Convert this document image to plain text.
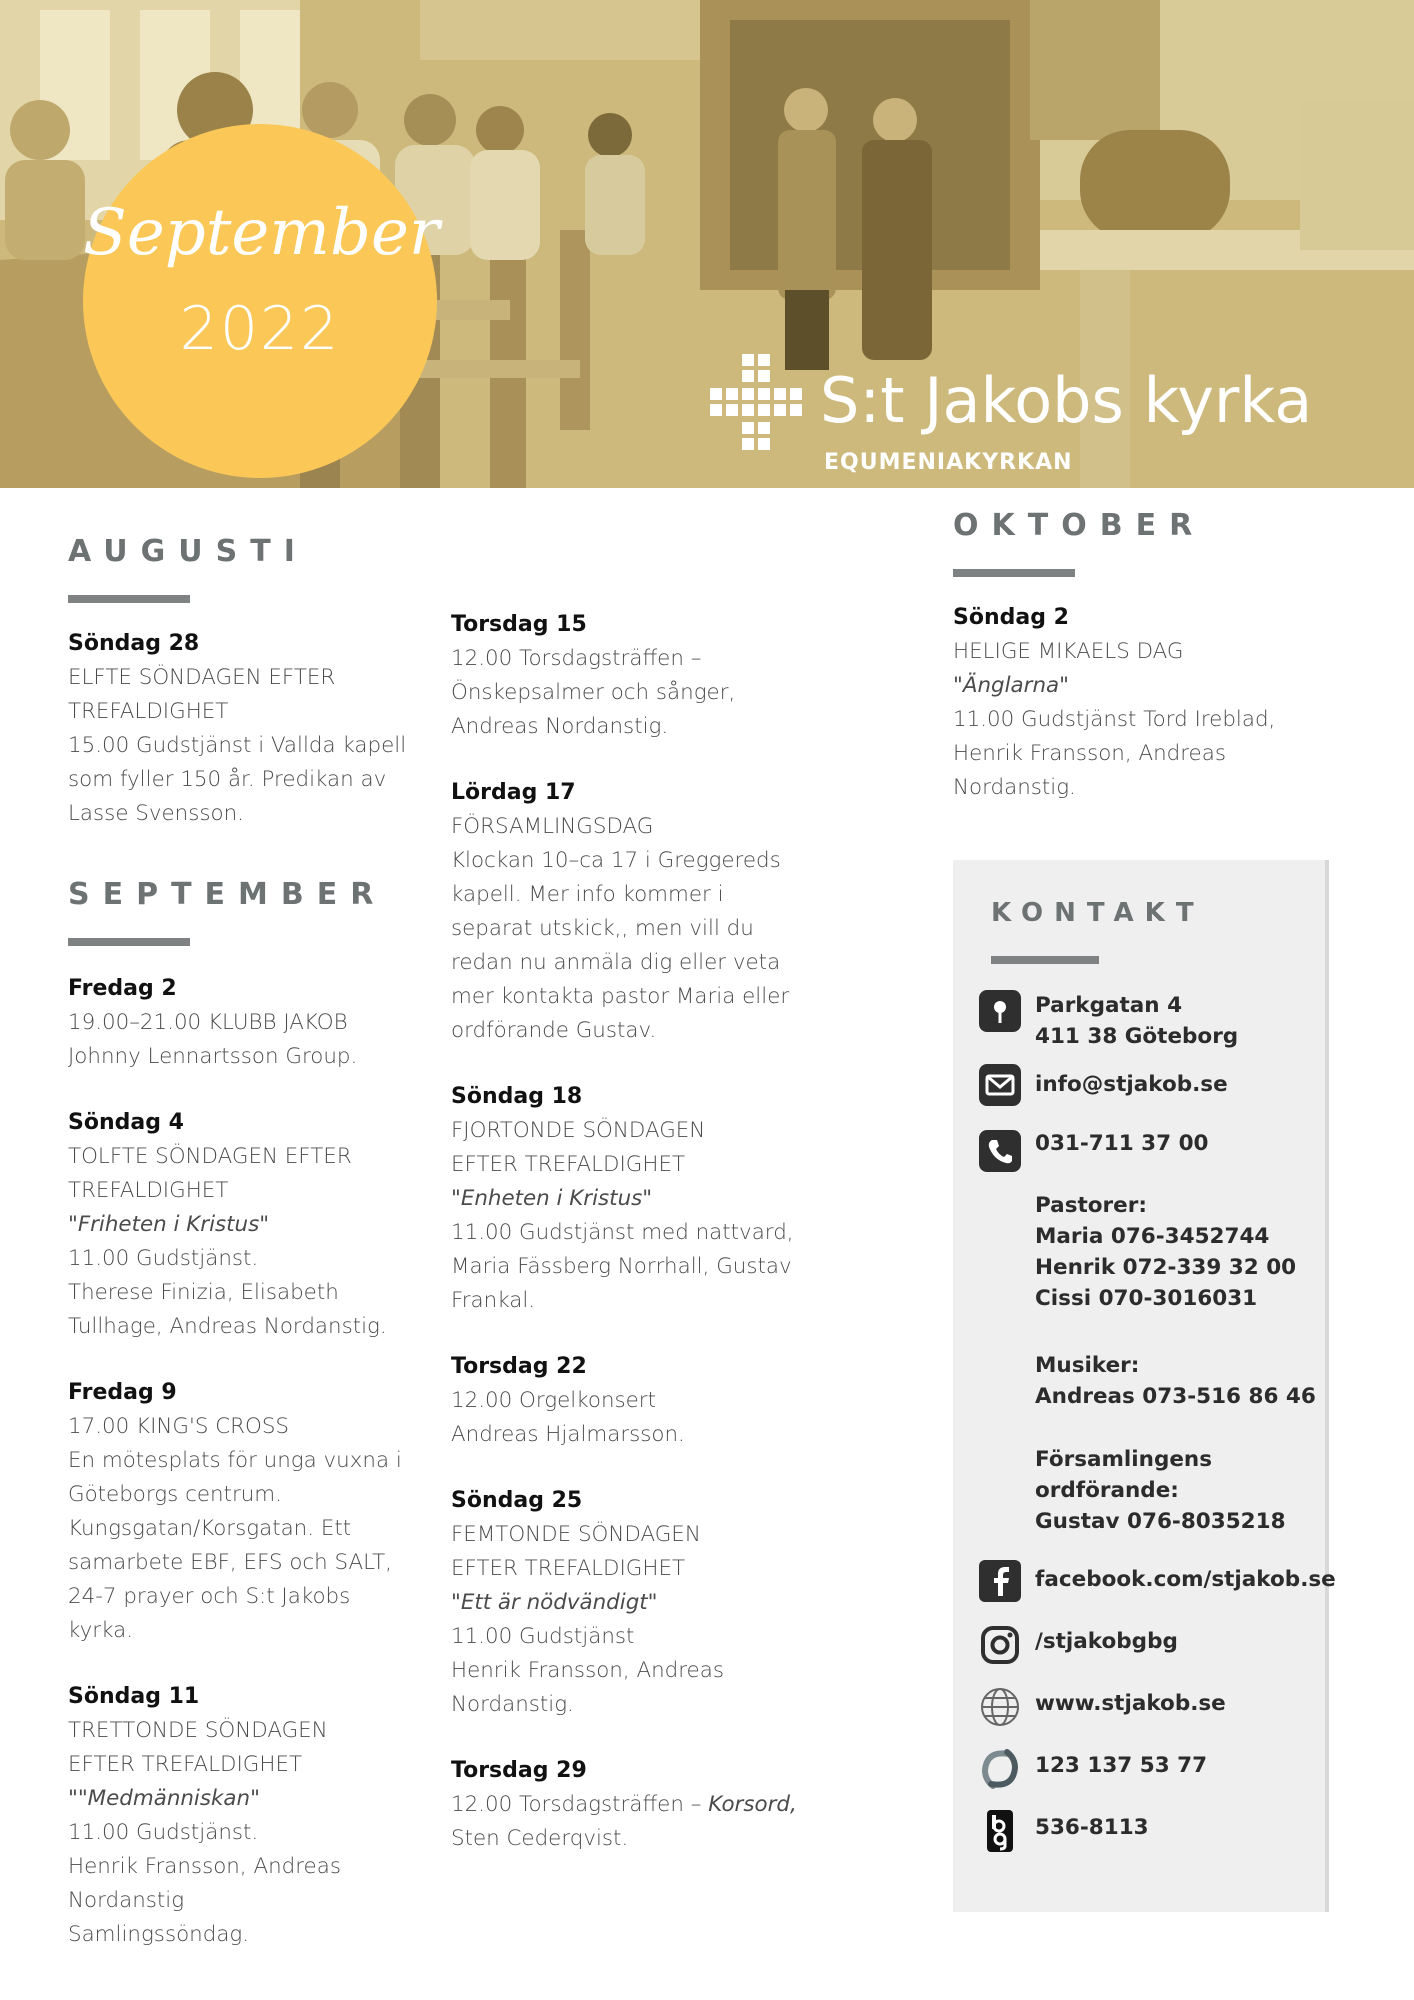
September
2022
S:t Jakobs kyrka
EQUMENIAKYRKAN
AUGUSTI
Söndag 28
ELFTE SÖNDAGEN EFTER
TREFALDIGHET
15.00 Gudstjänst i Vallda kapell
som fyller 150 år. Predikan av
Lasse Svensson.
SEPTEMBER
Fredag 2
19.00–21.00 KLUBB JAKOB
Johnny Lennartsson Group.
Söndag 4
TOLFTE SÖNDAGEN EFTER
TREFALDIGHET
"Friheten i Kristus"
11.00 Gudstjänst.
Therese Finizia, Elisabeth
Tullhage, Andreas Nordanstig.
Fredag 9
17.00 KING'S CROSS
En mötesplats för unga vuxna i
Göteborgs centrum.
Kungsgatan/Korsgatan. Ett
samarbete EBF, EFS och SALT,
24-7 prayer och S:t Jakobs
kyrka.
Söndag 11
TRETTONDE SÖNDAGEN
EFTER TREFALDIGHET
""Medmänniskan"
11.00 Gudstjänst.
Henrik Fransson, Andreas
Nordanstig
Samlingssöndag.
Torsdag 15
12.00 Torsdagsträffen –
Önskepsalmer och sånger,
Andreas Nordanstig.
Lördag 17
FÖRSAMLINGSDAG
Klockan 10–ca 17 i Greggereds
kapell. Mer info kommer i
separat utskick,, men vill du
redan nu anmäla dig eller veta
mer kontakta pastor Maria eller
ordförande Gustav.
Söndag 18
FJORTONDE SÖNDAGEN
EFTER TREFALDIGHET
"Enheten i Kristus"
11.00 Gudstjänst med nattvard,
Maria Fässberg Norrhall, Gustav
Frankal.
Torsdag 22
12.00 Orgelkonsert
Andreas Hjalmarsson.
Söndag 25
FEMTONDE SÖNDAGEN
EFTER TREFALDIGHET
"Ett är nödvändigt"
11.00 Gudstjänst
Henrik Fransson, Andreas
Nordanstig.
Torsdag 29
12.00 Torsdagsträffen – Korsord,
Sten Cederqvist.
OKTOBER
Söndag 2
HELIGE MIKAELS DAG
"Änglarna"
11.00 Gudstjänst Tord Ireblad,
Henrik Fransson, Andreas
Nordanstig.
KONTAKT
Parkgatan 4
411 38 Göteborg
info@stjakob.se
031-711 37 00
Pastorer:
Maria 076-3452744
Henrik 072-339 32 00
Cissi 070-3016031
Musiker:
Andreas 073-516 86 46
Församlingens
ordförande:
Gustav 076-8035218
facebook.com/stjakob.se
/stjakobgbg
www.stjakob.se
123 137 53 77
536-8113
